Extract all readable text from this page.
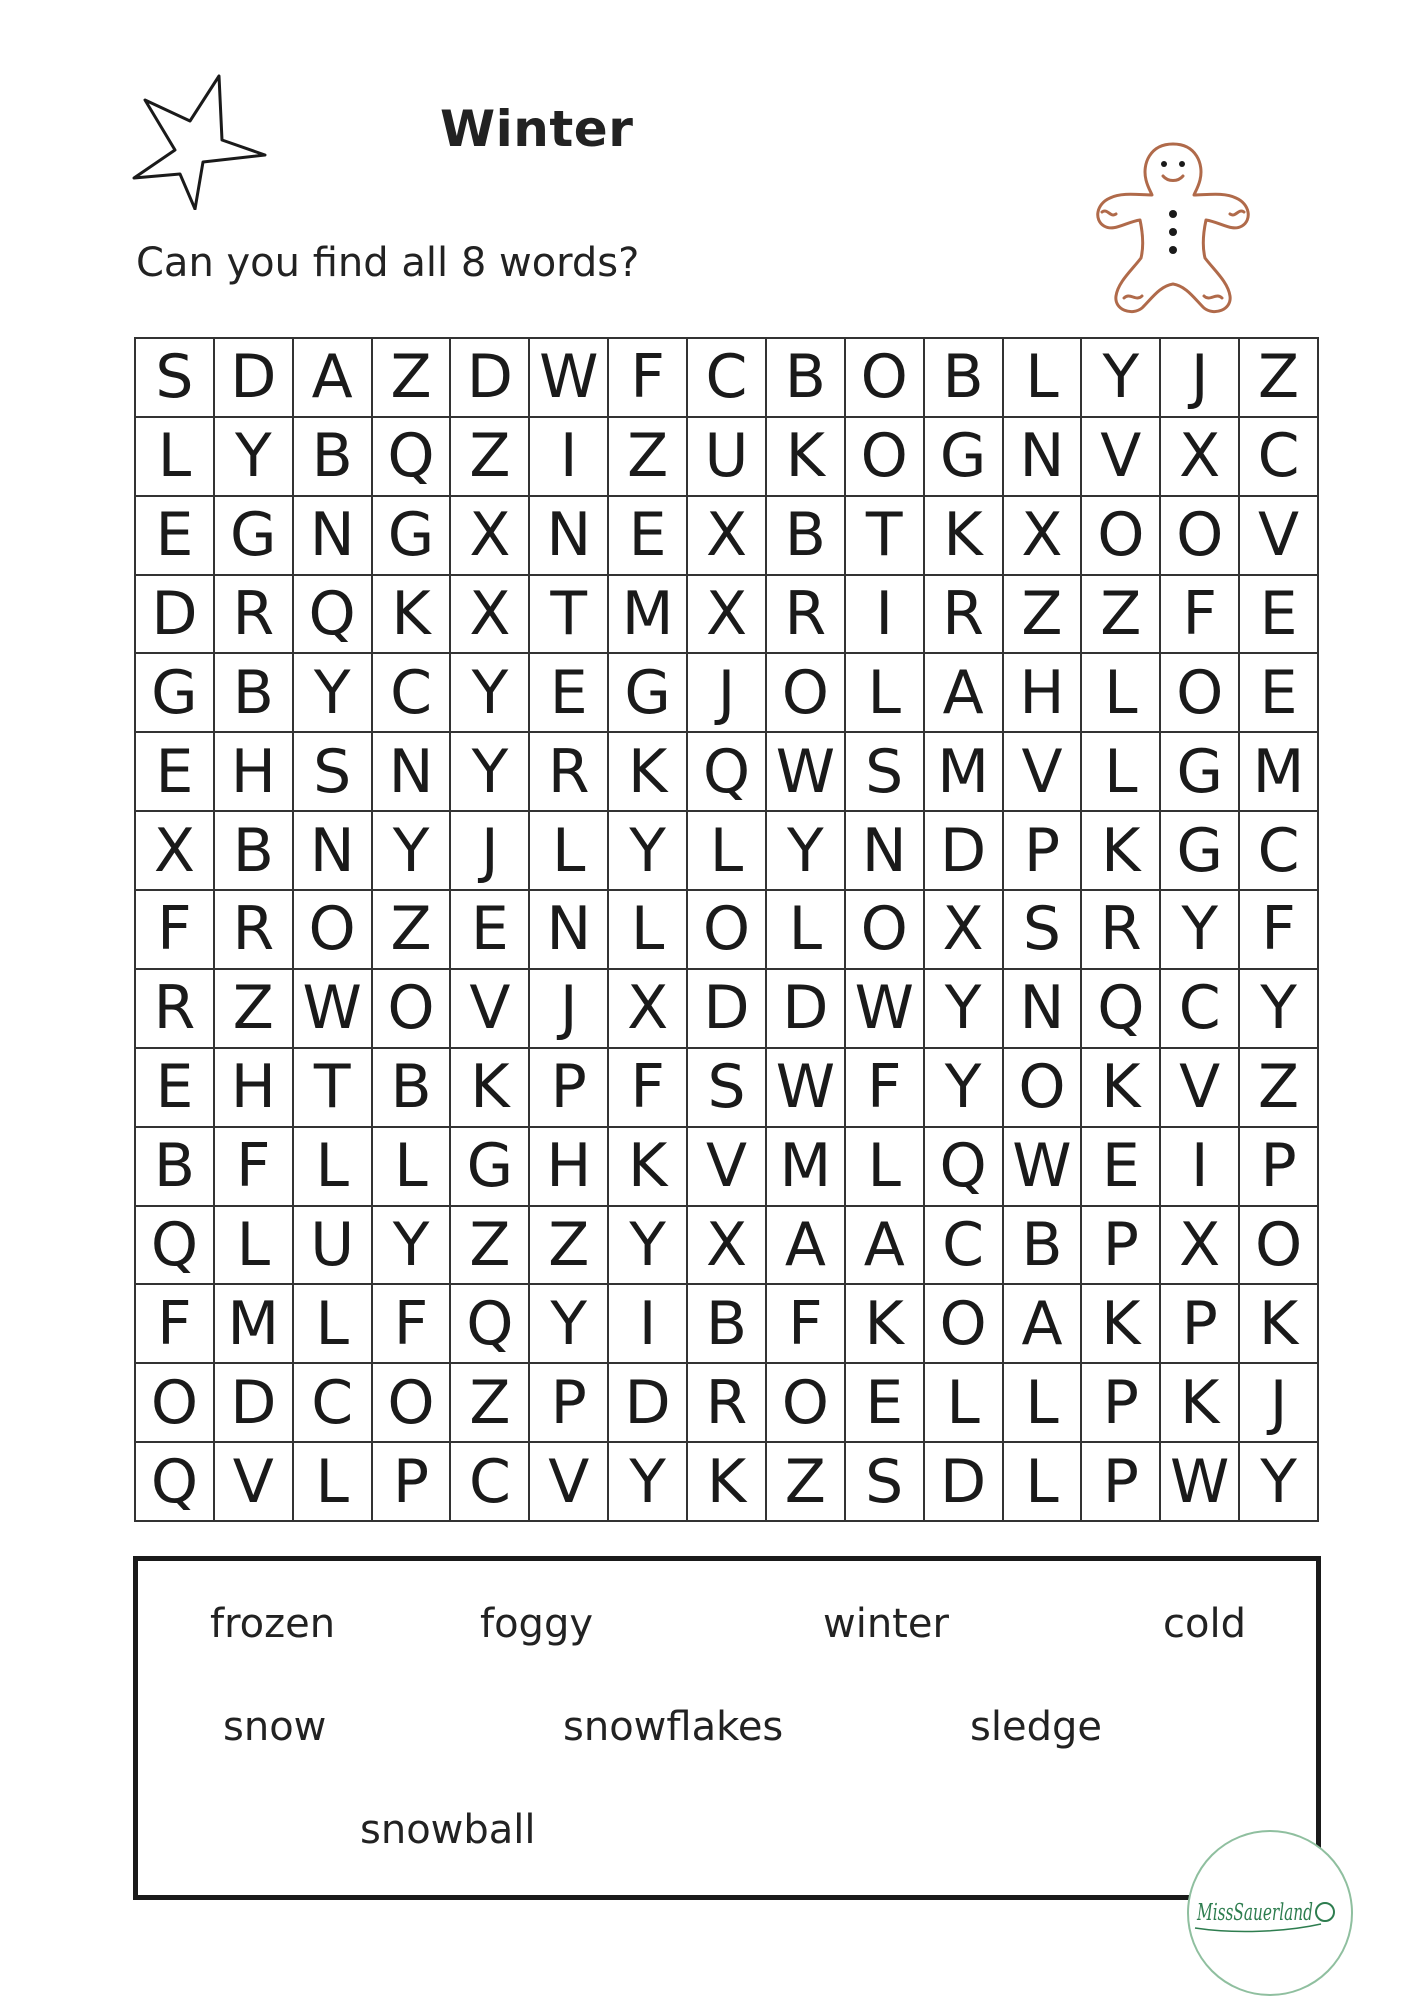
Winter
Can you find all 8 words?
S D A Z D W F C B O B L Y J Z
L Y B Q Z I Z U K O G N V X C
E G N G X N E X B T K X O O V
D R Q K X T M X R I R Z Z F E
G B Y C Y E G J O L A H L O E
E H S N Y R K Q W S M V L G M
X B N Y J L Y L Y N D P K G C
F R O Z E N L O L O X S R Y F
R Z W O V J X D D W Y N Q C Y
E H T B K P F S W F Y O K V Z
B F L L G H K V M L Q W E I P
Q L U Y Z Z Y X A A C B P X O
F M L F Q Y I B F K O A K P K
O D C O Z P D R O E L L P K J
Q V L P C V Y K Z S D L P W Y
frozen	foggy	winter	cold
snow	snowflakes	sledge
snowball
MissSauerland
